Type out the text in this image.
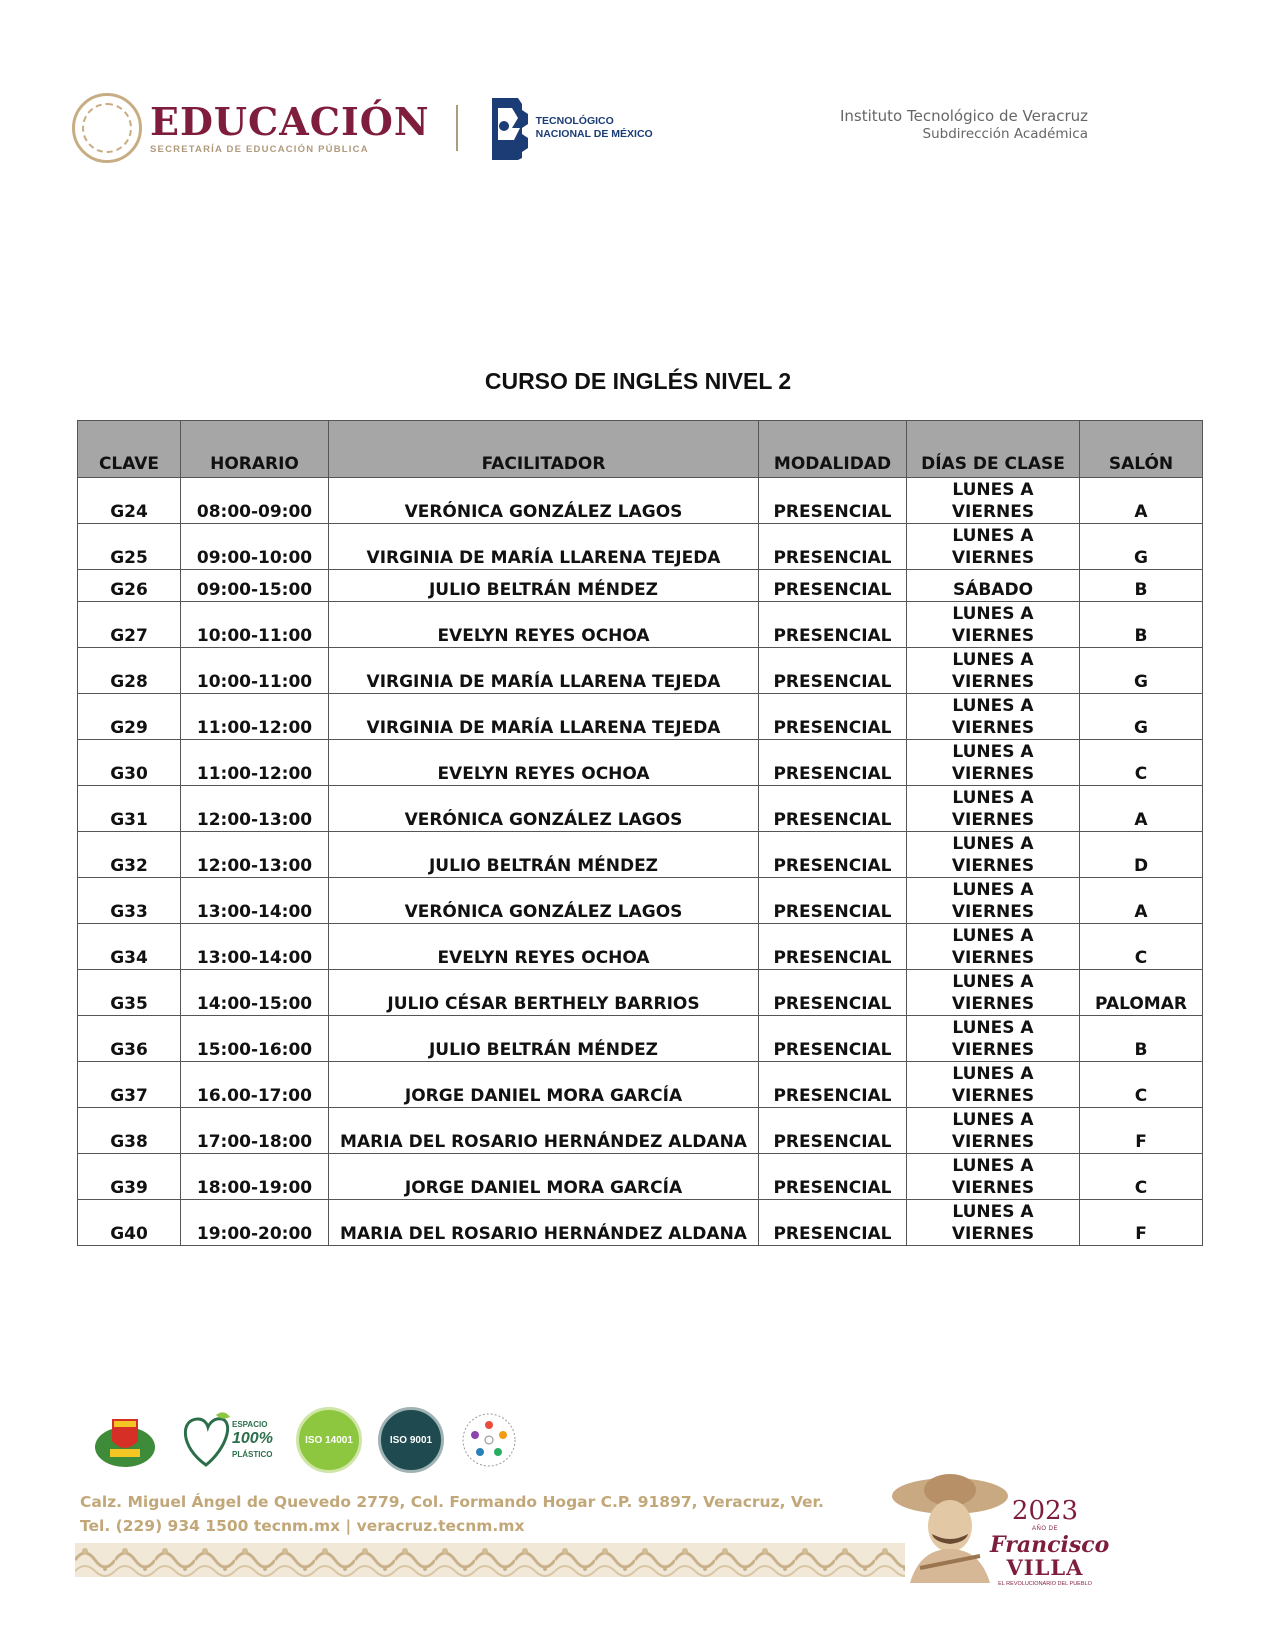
EDUCACIÓN
SECRETARÍA DE EDUCACIÓN PÚBLICA
TECNOLÓGICO
NACIONAL DE MÉXICO
Instituto Tecnológico de Veracruz
Subdirección Académica
CURSO DE INGLÉS NIVEL 2
CLAVE	HORARIO	FACILITADOR	MODALIDAD	DÍAS DE CLASE	SALÓN
G24	08:00-09:00	VERÓNICA GONZÁLEZ LAGOS	PRESENCIAL	LUNES A VIERNES	A
G25	09:00-10:00	VIRGINIA DE MARÍA LLARENA TEJEDA	PRESENCIAL	LUNES A VIERNES	G
G26	09:00-15:00	JULIO BELTRÁN MÉNDEZ	PRESENCIAL	SÁBADO	B
G27	10:00-11:00	EVELYN REYES OCHOA	PRESENCIAL	LUNES A VIERNES	B
G28	10:00-11:00	VIRGINIA DE MARÍA LLARENA TEJEDA	PRESENCIAL	LUNES A VIERNES	G
G29	11:00-12:00	VIRGINIA DE MARÍA LLARENA TEJEDA	PRESENCIAL	LUNES A VIERNES	G
G30	11:00-12:00	EVELYN REYES OCHOA	PRESENCIAL	LUNES A VIERNES	C
G31	12:00-13:00	VERÓNICA GONZÁLEZ LAGOS	PRESENCIAL	LUNES A VIERNES	A
G32	12:00-13:00	JULIO BELTRÁN MÉNDEZ	PRESENCIAL	LUNES A VIERNES	D
G33	13:00-14:00	VERÓNICA GONZÁLEZ LAGOS	PRESENCIAL	LUNES A VIERNES	A
G34	13:00-14:00	EVELYN REYES OCHOA	PRESENCIAL	LUNES A VIERNES	C
G35	14:00-15:00	JULIO CÉSAR BERTHELY BARRIOS	PRESENCIAL	LUNES A VIERNES	PALOMAR
G36	15:00-16:00	JULIO BELTRÁN MÉNDEZ	PRESENCIAL	LUNES A VIERNES	B
G37	16.00-17:00	JORGE DANIEL MORA GARCÍA	PRESENCIAL	LUNES A VIERNES	C
G38	17:00-18:00	MARIA DEL ROSARIO HERNÁNDEZ ALDANA	PRESENCIAL	LUNES A VIERNES	F
G39	18:00-19:00	JORGE DANIEL MORA GARCÍA	PRESENCIAL	LUNES A VIERNES	C
G40	19:00-20:00	MARIA DEL ROSARIO HERNÁNDEZ ALDANA	PRESENCIAL	LUNES A VIERNES	F
ESPACIO
100%
PLÁSTICO
ISO 14001	ISO 9001
Calz. Miguel Ángel de Quevedo 2779, Col. Formando Hogar C.P. 91897, Veracruz, Ver.
Tel. (229) 934 1500 tecnm.mx | veracruz.tecnm.mx	2023
AÑO DE
Francisco
VILLA
EL REVOLUCIONARIO DEL PUEBLO
